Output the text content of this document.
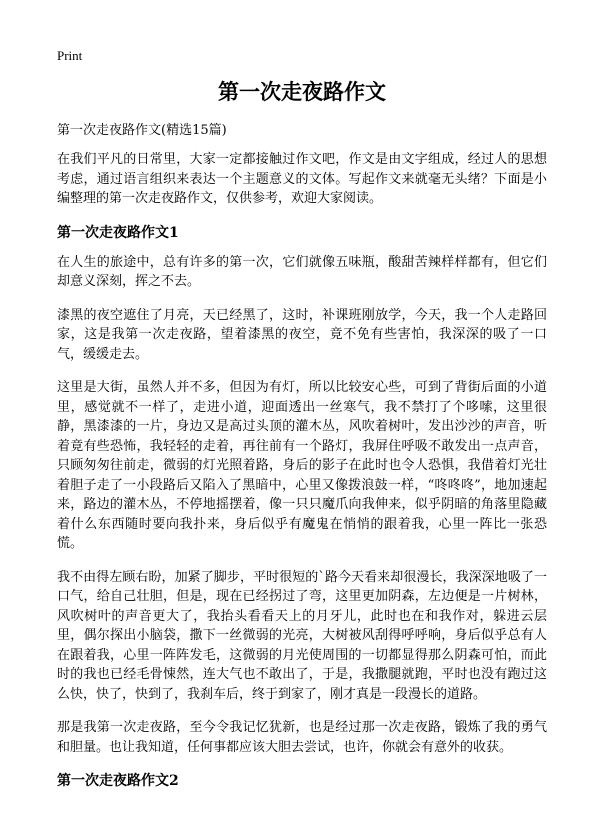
Print
第一次走夜路作文

第一次走夜路作文(精选15篇)

在我们平凡的日常里，大家一定都接触过作文吧，作文是由文字组成，经过人的思想考虑，通过语言组织来表达一个主题意义的文体。写起作文来就毫无头绪？下面是小编整理的第一次走夜路作文，仅供参考，欢迎大家阅读。

第一次走夜路作文1

在人生的旅途中，总有许多的第一次，它们就像五味瓶，酸甜苦辣样样都有，但它们却意义深刻，挥之不去。

漆黑的夜空遮住了月亮，天已经黑了，这时，补课班刚放学，今天，我一个人走路回家，这是我第一次走夜路，望着漆黑的夜空，竟不免有些害怕，我深深的吸了一口气，缓缓走去。

这里是大街，虽然人并不多，但因为有灯，所以比较安心些，可到了背街后面的小道里，感觉就不一样了，走进小道，迎面透出一丝寒气，我不禁打了个哆嗦，这里很静，黑漆漆的一片，身边又是高过头顶的灌木丛，风吹着树叶，发出沙沙的声音，听着竟有些恐怖，我轻轻的走着，再往前有一个路灯，我屏住呼吸不敢发出一点声音，只顾匆匆往前走，微弱的灯光照着路，身后的影子在此时也令人恐惧，我借着灯光壮着胆子走了一小段路后又陷入了黑暗中，心里又像拨浪鼓一样，“咚咚咚”，地加速起来，路边的灌木丛，不停地摇摆着，像一只只魔爪向我伸来，似乎阴暗的角落里隐藏着什么东西随时要向我扑来，身后似乎有魔鬼在悄悄的跟着我，心里一阵比一张恐慌。

我不由得左顾右盼，加紧了脚步，平时很短的`路今天看来却很漫长，我深深地吸了一口气，给自己壮胆，但是，现在已经拐过了弯，这里更加阴森，左边便是一片树林，风吹树叶的声音更大了，我抬头看看天上的月牙儿，此时也在和我作对，躲进云层里，偶尔探出小脑袋，撒下一丝微弱的光亮，大树被风刮得呼呼响，身后似乎总有人在跟着我，心里一阵阵发毛，这微弱的月光使周围的一切都显得那么阴森可怕，而此时的我也已经毛骨悚然，连大气也不敢出了，于是，我撒腿就跑，平时也没有跑过这么快，快了，快到了，我刹车后，终于到家了，刚才真是一段漫长的道路。

那是我第一次走夜路，至今令我记忆犹新，也是经过那一次走夜路，锻炼了我的勇气和胆量。也让我知道，任何事都应该大胆去尝试，也许，你就会有意外的收获。

第一次走夜路作文2
